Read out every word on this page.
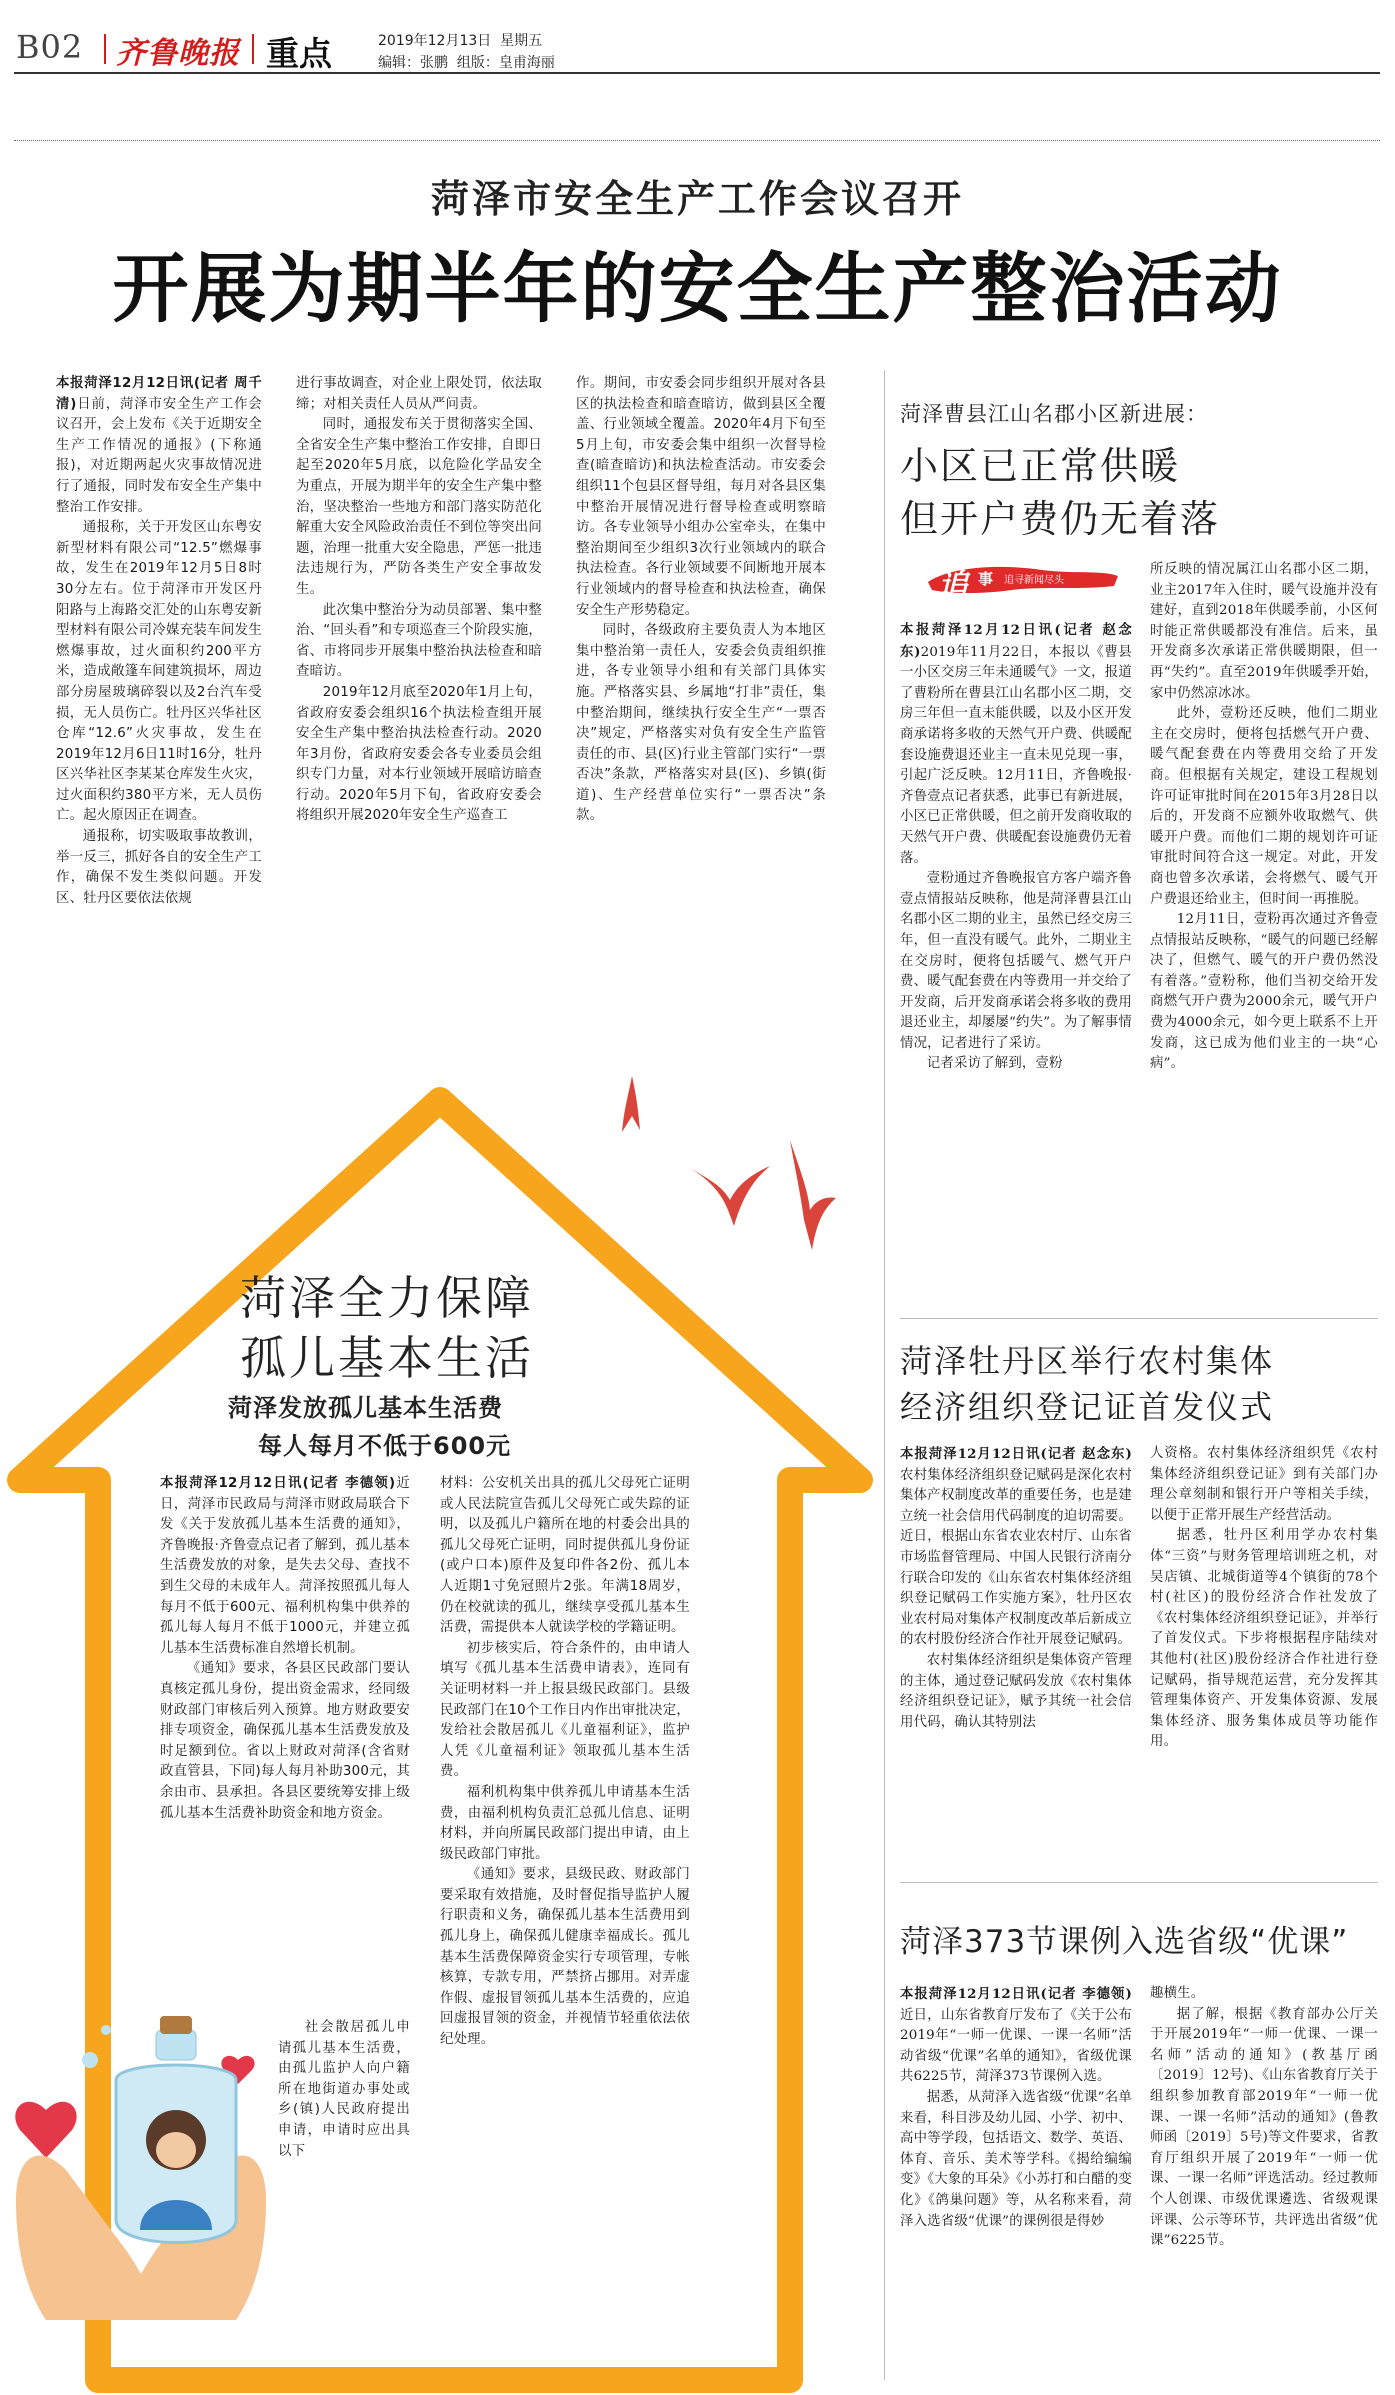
B02 齐鲁晚报 重点	2019年12月13日  星期五
编辑：张鹏  组版：皇甫海丽
菏泽市安全生产工作会议召开
开展为期半年的安全生产整治活动

本报菏泽12月12日讯(记者 周千清)日前，菏泽市安全生产工作会议召开，会上发布《关于近期安全生产工作情况的通报》(下称通报)，对近期两起火灾事故情况进行了通报，同时发布安全生产集中整治工作安排。

通报称，关于开发区山东粤安新型材料有限公司“12.5”燃爆事故，发生在2019年12月5日8时30分左右。位于菏泽市开发区丹阳路与上海路交汇处的山东粤安新型材料有限公司冷媒充装车间发生燃爆事故，过火面积约200平方米，造成敞篷车间建筑损坏，周边部分房屋玻璃碎裂以及2台汽车受损，无人员伤亡。牡丹区兴华社区仓库“12.6”火灾事故，发生在2019年12月6日11时16分，牡丹区兴华社区李某某仓库发生火灾，过火面积约380平方米，无人员伤亡。起火原因正在调查。

通报称，切实吸取事故教训，举一反三，抓好各自的安全生产工作，确保不发生类似问题。开发区、牡丹区要依法依规

进行事故调查，对企业上限处罚，依法取缔；对相关责任人员从严问责。

同时，通报发布关于贯彻落实全国、全省安全生产集中整治工作安排，自即日起至2020年5月底，以危险化学品安全为重点，开展为期半年的安全生产集中整治，坚决整治一些地方和部门落实防范化解重大安全风险政治责任不到位等突出问题，治理一批重大安全隐患，严惩一批违法违规行为，严防各类生产安全事故发生。

此次集中整治分为动员部署、集中整治、“回头看”和专项巡查三个阶段实施，省、市将同步开展集中整治执法检查和暗查暗访。

2019年12月底至2020年1月上旬，省政府安委会组织16个执法检查组开展安全生产集中整治执法检查行动。2020年3月份，省政府安委会各专业委员会组织专门力量，对本行业领域开展暗访暗查行动。2020年5月下旬，省政府安委会将组织开展2020年安全生产巡查工

作。期间，市安委会同步组织开展对各县区的执法检查和暗查暗访，做到县区全覆盖、行业领域全覆盖。2020年4月下旬至5月上旬，市安委会集中组织一次督导检查(暗查暗访)和执法检查活动。市安委会组织11个包县区督导组，每月对各县区集中整治开展情况进行督导检查或明察暗访。各专业领导小组办公室牵头，在集中整治期间至少组织3次行业领域内的联合执法检查。各行业领域要不间断地开展本行业领域内的督导检查和执法检查，确保安全生产形势稳定。

同时，各级政府主要负责人为本地区集中整治第一责任人，安委会负责组织推进，各专业领导小组和有关部门具体实施。严格落实县、乡属地“打非”责任，集中整治期间，继续执行安全生产“一票否决”规定，严格落实对负有安全生产监管责任的市、县(区)行业主管部门实行“一票否决”条款，严格落实对县(区)、乡镇(街道)、生产经营单位实行“一票否决”条款。

菏泽曹县江山名郡小区新进展：
小区已正常供暖
但开户费仍无着落
追 事 追寻新闻尽头

本报菏泽12月12日讯(记者 赵念东)2019年11月22日，本报以《曹县一小区交房三年未通暖气》一文，报道了曹粉所在曹县江山名郡小区二期，交房三年但一直未能供暖，以及小区开发商承诺将多收的天然气开户费、供暖配套设施费退还业主一直未见兑现一事，引起广泛反映。12月11日，齐鲁晚报·齐鲁壹点记者获悉，此事已有新进展，小区已正常供暖，但之前开发商收取的天然气开户费、供暖配套设施费仍无着落。

壹粉通过齐鲁晚报官方客户端齐鲁壹点情报站反映称，他是菏泽曹县江山名郡小区二期的业主，虽然已经交房三年，但一直没有暖气。此外，二期业主在交房时，便将包括暖气、燃气开户费、暖气配套费在内等费用一并交给了开发商，后开发商承诺会将多收的费用退还业主，却屡屡“约失”。为了解事情情况，记者进行了采访。

记者采访了解到，壹粉

所反映的情况属江山名郡小区二期，业主2017年入住时，暖气设施并没有建好，直到2018年供暖季前，小区何时能正常供暖都没有准信。后来，虽开发商多次承诺正常供暖期限，但一再“失约”。直至2019年供暖季开始，家中仍然凉冰冰。

此外，壹粉还反映，他们二期业主在交房时，便将包括燃气开户费、暖气配套费在内等费用交给了开发商。但根据有关规定，建设工程规划许可证审批时间在2015年3月28日以后的，开发商不应额外收取燃气、供暖开户费。而他们二期的规划许可证审批时间符合这一规定。对此，开发商也曾多次承诺，会将燃气、暖气开户费退还给业主，但时间一再推脱。

12月11日，壹粉再次通过齐鲁壹点情报站反映称，“暖气的问题已经解决了，但燃气、暖气的开户费仍然没有着落。”壹粉称，他们当初交给开发商燃气开户费为2000余元，暖气开户费为4000余元，如今更上联系不上开发商，这已成为他们业主的一块“心病”。

菏泽牡丹区举行农村集体
经济组织登记证首发仪式

本报菏泽12月12日讯(记者 赵念东)农村集体经济组织登记赋码是深化农村集体产权制度改革的重要任务，也是建立统一社会信用代码制度的迫切需要。近日，根据山东省农业农村厅、山东省市场监督管理局、中国人民银行济南分行联合印发的《山东省农村集体经济组织登记赋码工作实施方案》，牡丹区农业农村局对集体产权制度改革后新成立的农村股份经济合作社开展登记赋码。

农村集体经济组织是集体资产管理的主体，通过登记赋码发放《农村集体经济组织登记证》，赋予其统一社会信用代码，确认其特别法

人资格。农村集体经济组织凭《农村集体经济组织登记证》到有关部门办理公章刻制和银行开户等相关手续，以便于正常开展生产经营活动。

据悉，牡丹区利用学办农村集体“三资”与财务管理培训班之机，对吴店镇、北城街道等4个镇街的78个村(社区)的股份经济合作社发放了《农村集体经济组织登记证》，并举行了首发仪式。下步将根据程序陆续对其他村(社区)股份经济合作社进行登记赋码，指导规范运营，充分发挥其管理集体资产、开发集体资源、发展集体经济、服务集体成员等功能作用。

菏泽373节课例入选省级“优课”

本报菏泽12月12日讯(记者 李德领)近日，山东省教育厅发布了《关于公布2019年“一师一优课、一课一名师”活动省级“优课”名单的通知》，省级优课共6225节，菏泽373节课例入选。

据悉，从菏泽入选省级“优课”名单来看，科目涉及幼儿园、小学、初中、高中等学段，包括语文、数学、英语、体育、音乐、美术等学科。《揭给编编变》《大象的耳朵》《小苏打和白醋的变化》《鸽巢问题》等，从名称来看，菏泽入选省级“优课”的课例很是得妙

趣横生。

据了解，根据《教育部办公厅关于开展2019年“一师一优课、一课一名师”活动的通知》(教基厅函〔2019〕12号)、《山东省教育厅关于组织参加教育部2019年“一师一优课、一课一名师”活动的通知》(鲁教师函〔2019〕5号)等文件要求，省教育厅组织开展了2019年“一师一优课、一课一名师”评选活动。经过教师个人创课、市级优课遴选、省级观课评课、公示等环节，共评选出省级“优课”6225节。

菏泽全力保障
孤儿基本生活
菏泽发放孤儿基本生活费
每人每月不低于600元

本报菏泽12月12日讯(记者 李德领)近日，菏泽市民政局与菏泽市财政局联合下发《关于发放孤儿基本生活费的通知》，齐鲁晚报·齐鲁壹点记者了解到，孤儿基本生活费发放的对象，是失去父母、查找不到生父母的未成年人。菏泽按照孤儿每人每月不低于600元、福利机构集中供养的孤儿每人每月不低于1000元，并建立孤儿基本生活费标准自然增长机制。

《通知》要求，各县区民政部门要认真核定孤儿身份，提出资金需求，经同级财政部门审核后列入预算。地方财政要安排专项资金，确保孤儿基本生活费发放及时足额到位。省以上财政对菏泽(含省财政直管县，下同)每人每月补助300元，其余由市、县承担。各县区要统筹安排上级孤儿基本生活费补助资金和地方资金。

社会散居孤儿申请孤儿基本生活费，由孤儿监护人向户籍所在地街道办事处或乡(镇)人民政府提出申请，申请时应出具以下

材料：公安机关出具的孤儿父母死亡证明或人民法院宣告孤儿父母死亡或失踪的证明，以及孤儿户籍所在地的村委会出具的孤儿父母死亡证明，同时提供孤儿身份证(或户口本)原件及复印件各2份、孤儿本人近期1寸免冠照片2张。年满18周岁，仍在校就读的孤儿，继续享受孤儿基本生活费，需提供本人就读学校的学籍证明。

初步核实后，符合条件的，由申请人填写《孤儿基本生活费申请表》，连同有关证明材料一并上报县级民政部门。县级民政部门在10个工作日内作出审批决定，发给社会散居孤儿《儿童福利证》，监护人凭《儿童福利证》领取孤儿基本生活费。

福利机构集中供养孤儿申请基本生活费，由福利机构负责汇总孤儿信息、证明材料，并向所属民政部门提出申请，由上级民政部门审批。

《通知》要求，县级民政、财政部门要采取有效措施，及时督促指导监护人履行职责和义务，确保孤儿基本生活费用到孤儿身上，确保孤儿健康幸福成长。孤儿基本生活费保障资金实行专项管理，专帐核算，专款专用，严禁挤占挪用。对弄虚作假、虚报冒领孤儿基本生活费的，应追回虚报冒领的资金，并视情节轻重依法依纪处理。
